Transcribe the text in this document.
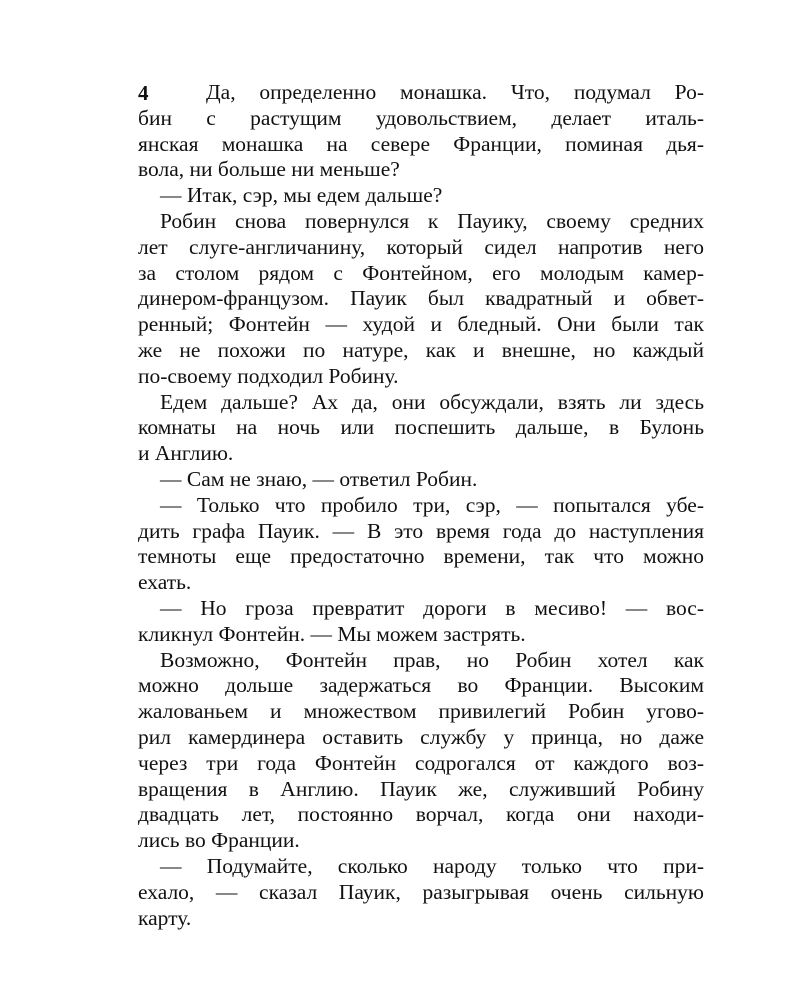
4	Да, определенно монашка. Что, подумал Ро-
бин с растущим удовольствием, делает италь-
янская монашка на севере Франции, поминая дья-
вола, ни больше ни меньше?
— Итак, сэр, мы едем дальше?
Робин снова повернулся к Пауику, своему средних
лет слуге-англичанину, который сидел напротив него
за столом рядом с Фонтейном, его молодым камер-
динером-французом. Пауик был квадратный и обвет-
ренный; Фонтейн — худой и бледный. Они были так
же не похожи по натуре, как и внешне, но каждый
по-своему подходил Робину.
Едем дальше? Ах да, они обсуждали, взять ли здесь
комнаты на ночь или поспешить дальше, в Булонь
и Англию.
— Сам не знаю, — ответил Робин.
— Только что пробило три, сэр, — попытался убе-
дить графа Пауик. — В это время года до наступления
темноты еще предостаточно времени, так что можно
ехать.
— Но гроза превратит дороги в месиво! — вос-
кликнул Фонтейн. — Мы можем застрять.
Возможно, Фонтейн прав, но Робин хотел как
можно дольше задержаться во Франции. Высоким
жалованьем и множеством привилегий Робин угово-
рил камердинера оставить службу у принца, но даже
через три года Фонтейн содрогался от каждого воз-
вращения в Англию. Пауик же, служивший Робину
двадцать лет, постоянно ворчал, когда они находи-
лись во Франции.
— Подумайте, сколько народу только что при-
ехало, — сказал Пауик, разыгрывая очень сильную
карту.
